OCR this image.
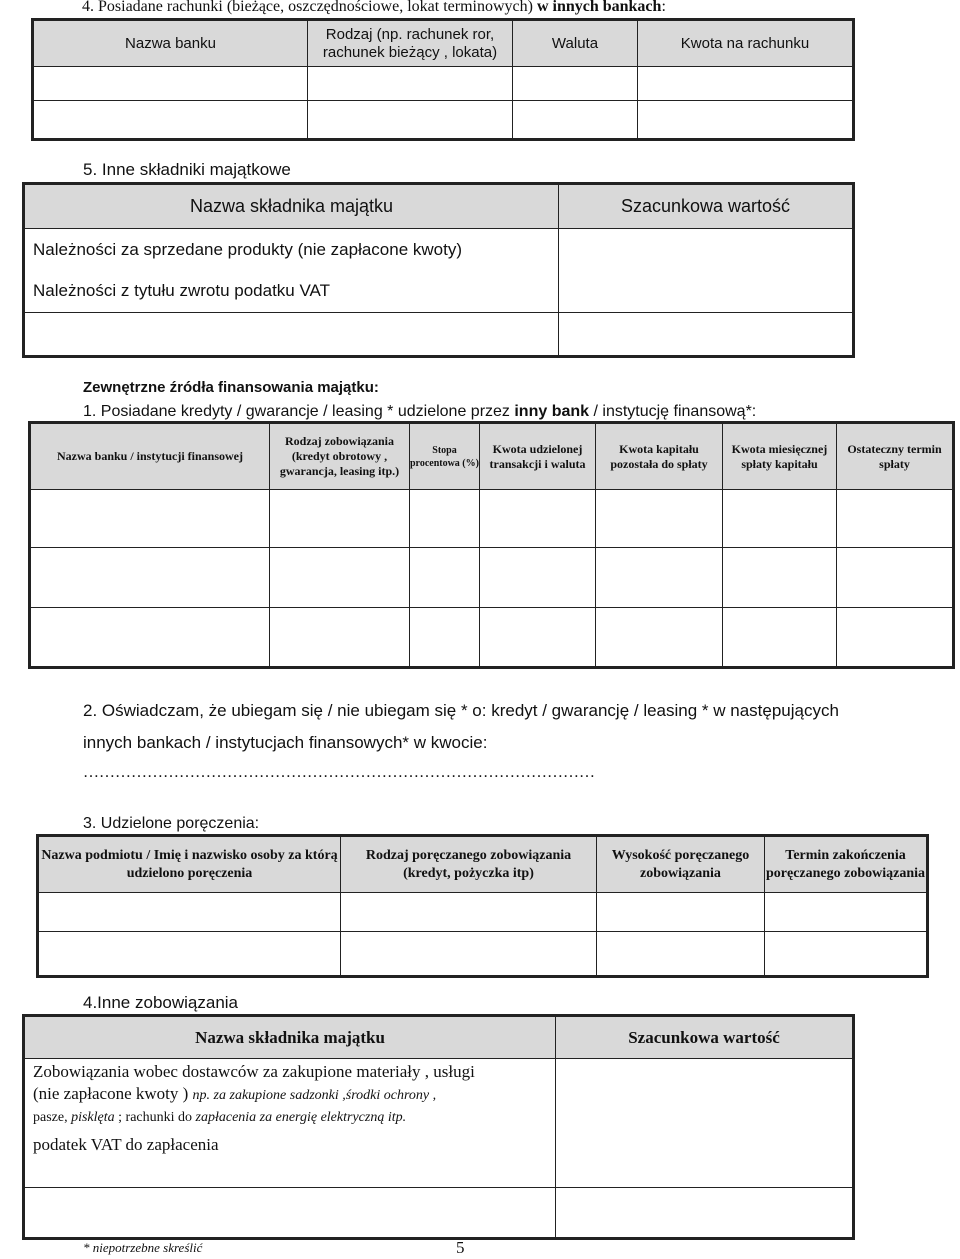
4. Posiadane rachunki (bieżące, oszczędnościowe, lokat terminowych) w innych bankach:
Nazwa banku	Rodzaj (np. rachunek ror, rachunek bieżący , lokata)	Waluta	Kwota na rachunku

5. Inne składniki majątkowe
Nazwa składnika majątku	Szacunkowa wartość
Należności za sprzedane produkty (nie zapłacone kwoty)	
Należności z tytułu zwrotu podatku VAT	

Zewnętrzne źródła finansowania majątku:
1. Posiadane kredyty / gwarancje / leasing * udzielone przez inny bank / instytucję finansową*:
Nazwa banku / instytucji finansowej	Rodzaj zobowiązania (kredyt obrotowy , gwarancja, leasing itp.)	Stopa procentowa (%)	Kwota udzielonej transakcji i waluta	Kwota kapitału pozostała do spłaty	Kwota miesięcznej spłaty kapitału	Ostateczny termin spłaty

2. Oświadczam, że ubiegam się / nie ubiegam się * o: kredyt / gwarancję / leasing * w następujących
innych bankach / instytucjach finansowych* w kwocie:
……………………………………………………………………………………
3. Udzielone poręczenia:
Nazwa podmiotu / Imię i nazwisko osoby za którą udzielono poręczenia	Rodzaj poręczanego zobowiązania (kredyt, pożyczka itp)	Wysokość poręczanego zobowiązania	Termin zakończenia poręczanego zobowiązania

4.Inne zobowiązania
Nazwa składnika majątku	Szacunkowa wartość

Zobowiązania wobec dostawców za zakupione materiały , usługi
(nie zapłacone kwoty ) np. za zakupione sadzonki ,środki ochrony ,
pasze, pisklęta ; rachunki do zapłacenia za energię elektryczną itp.	

podatek VAT do zapłacenia	

* niepotrzebne skreślić	5
